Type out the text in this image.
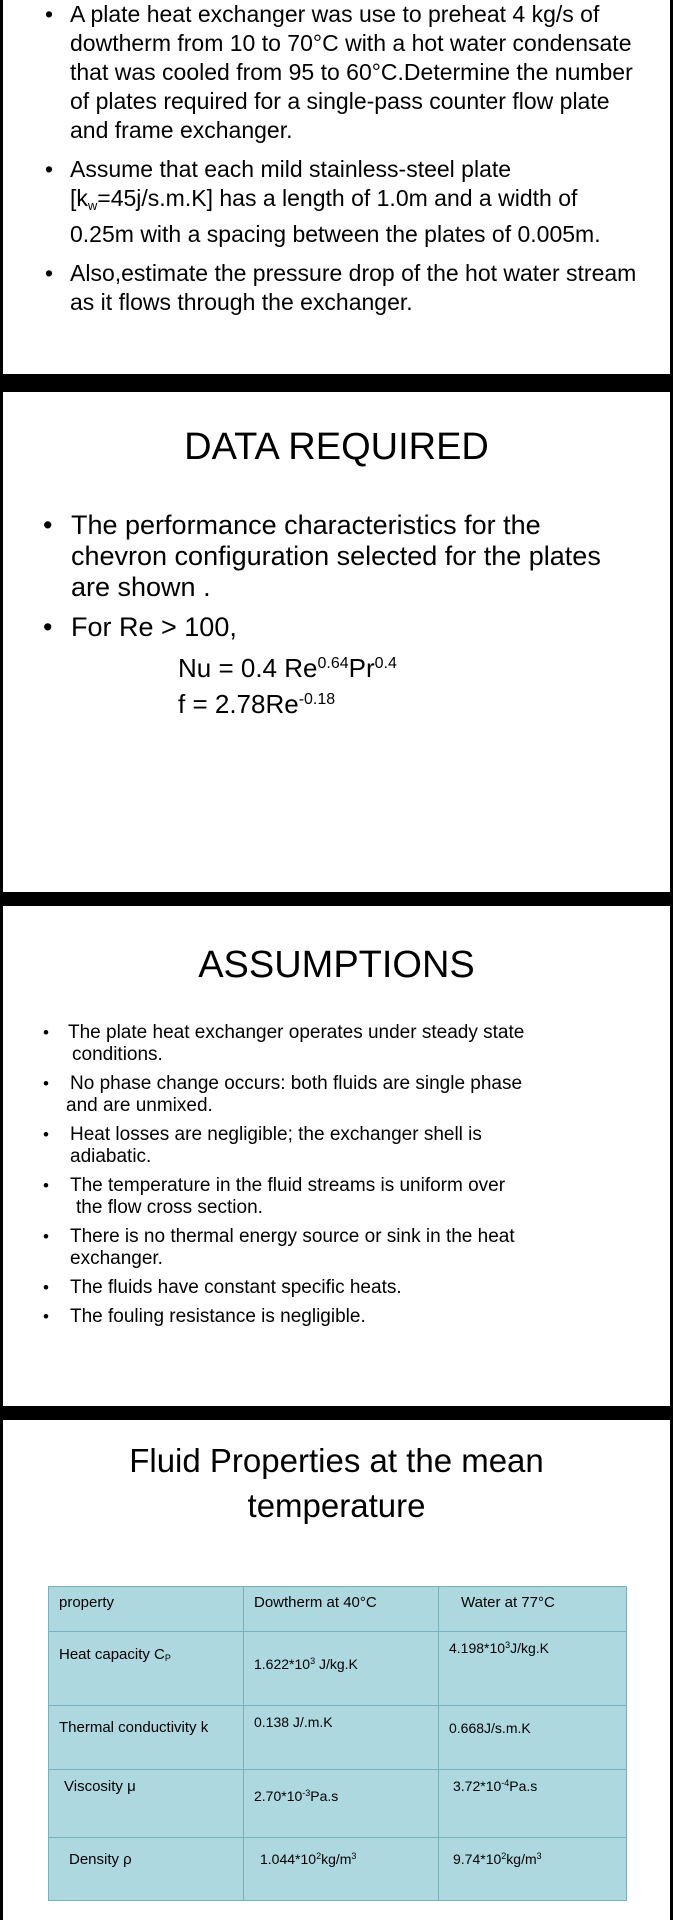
• A plate heat exchanger was use to preheat 4 kg/s of dowtherm from 10 to 70°C with a hot water condensate that was cooled from 95 to 60°C.Determine the number of plates required for a single-pass counter flow plate and frame exchanger.
• Assume that each mild stainless-steel plate $[k_w=45j/s.m.K]$ has a length of 1.0m and a width of 0.25m with a spacing between the plates of 0.005m.
• Also,estimate the pressure drop of the hot water stream as it flows through the exchanger.
DATA REQUIRED
• The performance characteristics for the chevron configuration selected for the plates are shown .
• For Re > 100,
Nu = 0.4 $Re^{0.64}Pr^{0.4}$
$f = 2.78Re^{-0.18}$
ASSUMPTIONS
• The plate heat exchanger operates under steady state
conditions.
• No phase change occurs: both fluids are single phase
and are unmixed.
• Heat losses are negligible; the exchanger shell is
adiabatic.
• The temperature in the fluid streams is uniform over
the flow cross section.
• There is no thermal energy source or sink in the heat
exchanger.
• The fluids have constant specific heats.
• The fouling resistance is negligible.
Fluid Properties at the mean
temperature
property	Dowtherm at 40°C	Water at 77°C
Heat capacity $C_P$	$1.622*10^3$ J/kg.K	$4.198*10^3J/kg.K$
Thermal conductivity k	0.138 J/.m.K	0.668J/s.m.K
Viscosity μ	$2.70*10^{-3}Pa.s$	$3.72*10^{-4}Pa.s$
Density ρ	$1.044*10^2kg/m^3$	$9.74*10^2kg/m^3$
